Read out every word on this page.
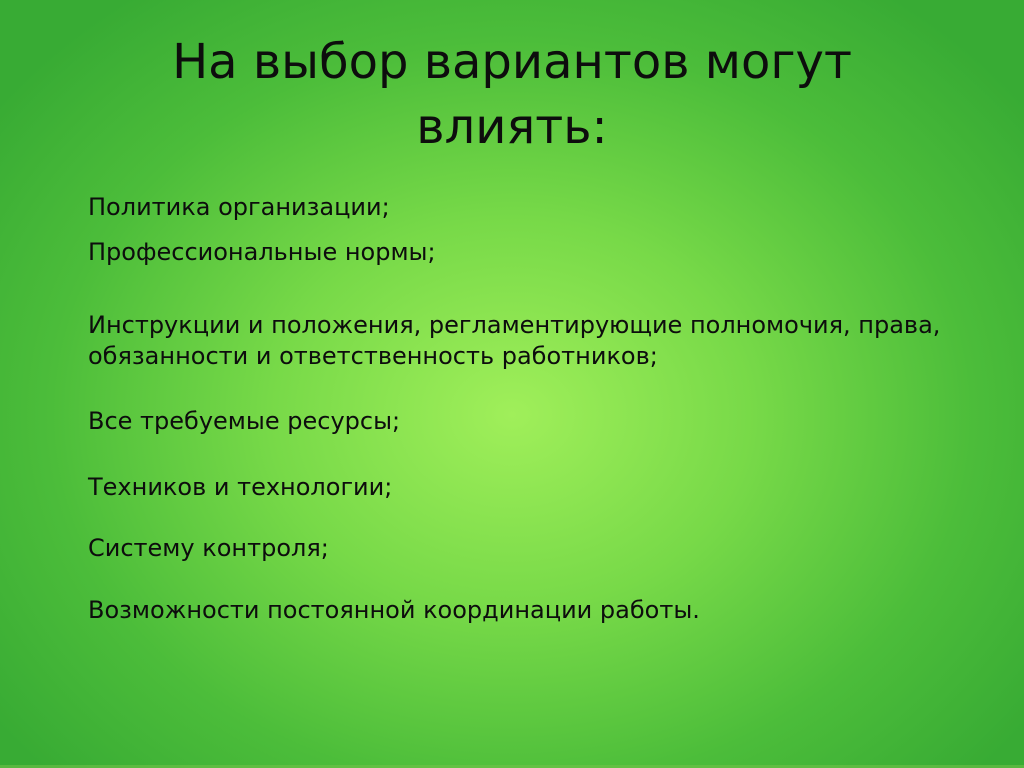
На выбор вариантов могут влиять:

Политика организации;

Профессиональные нормы;

Инструкции и положения, регламентирующие полномочия, права, обязанности и ответственность работников;

Все требуемые ресурсы;

Техников и технологии;

Систему контроля;

Возможности постоянной координации работы.
